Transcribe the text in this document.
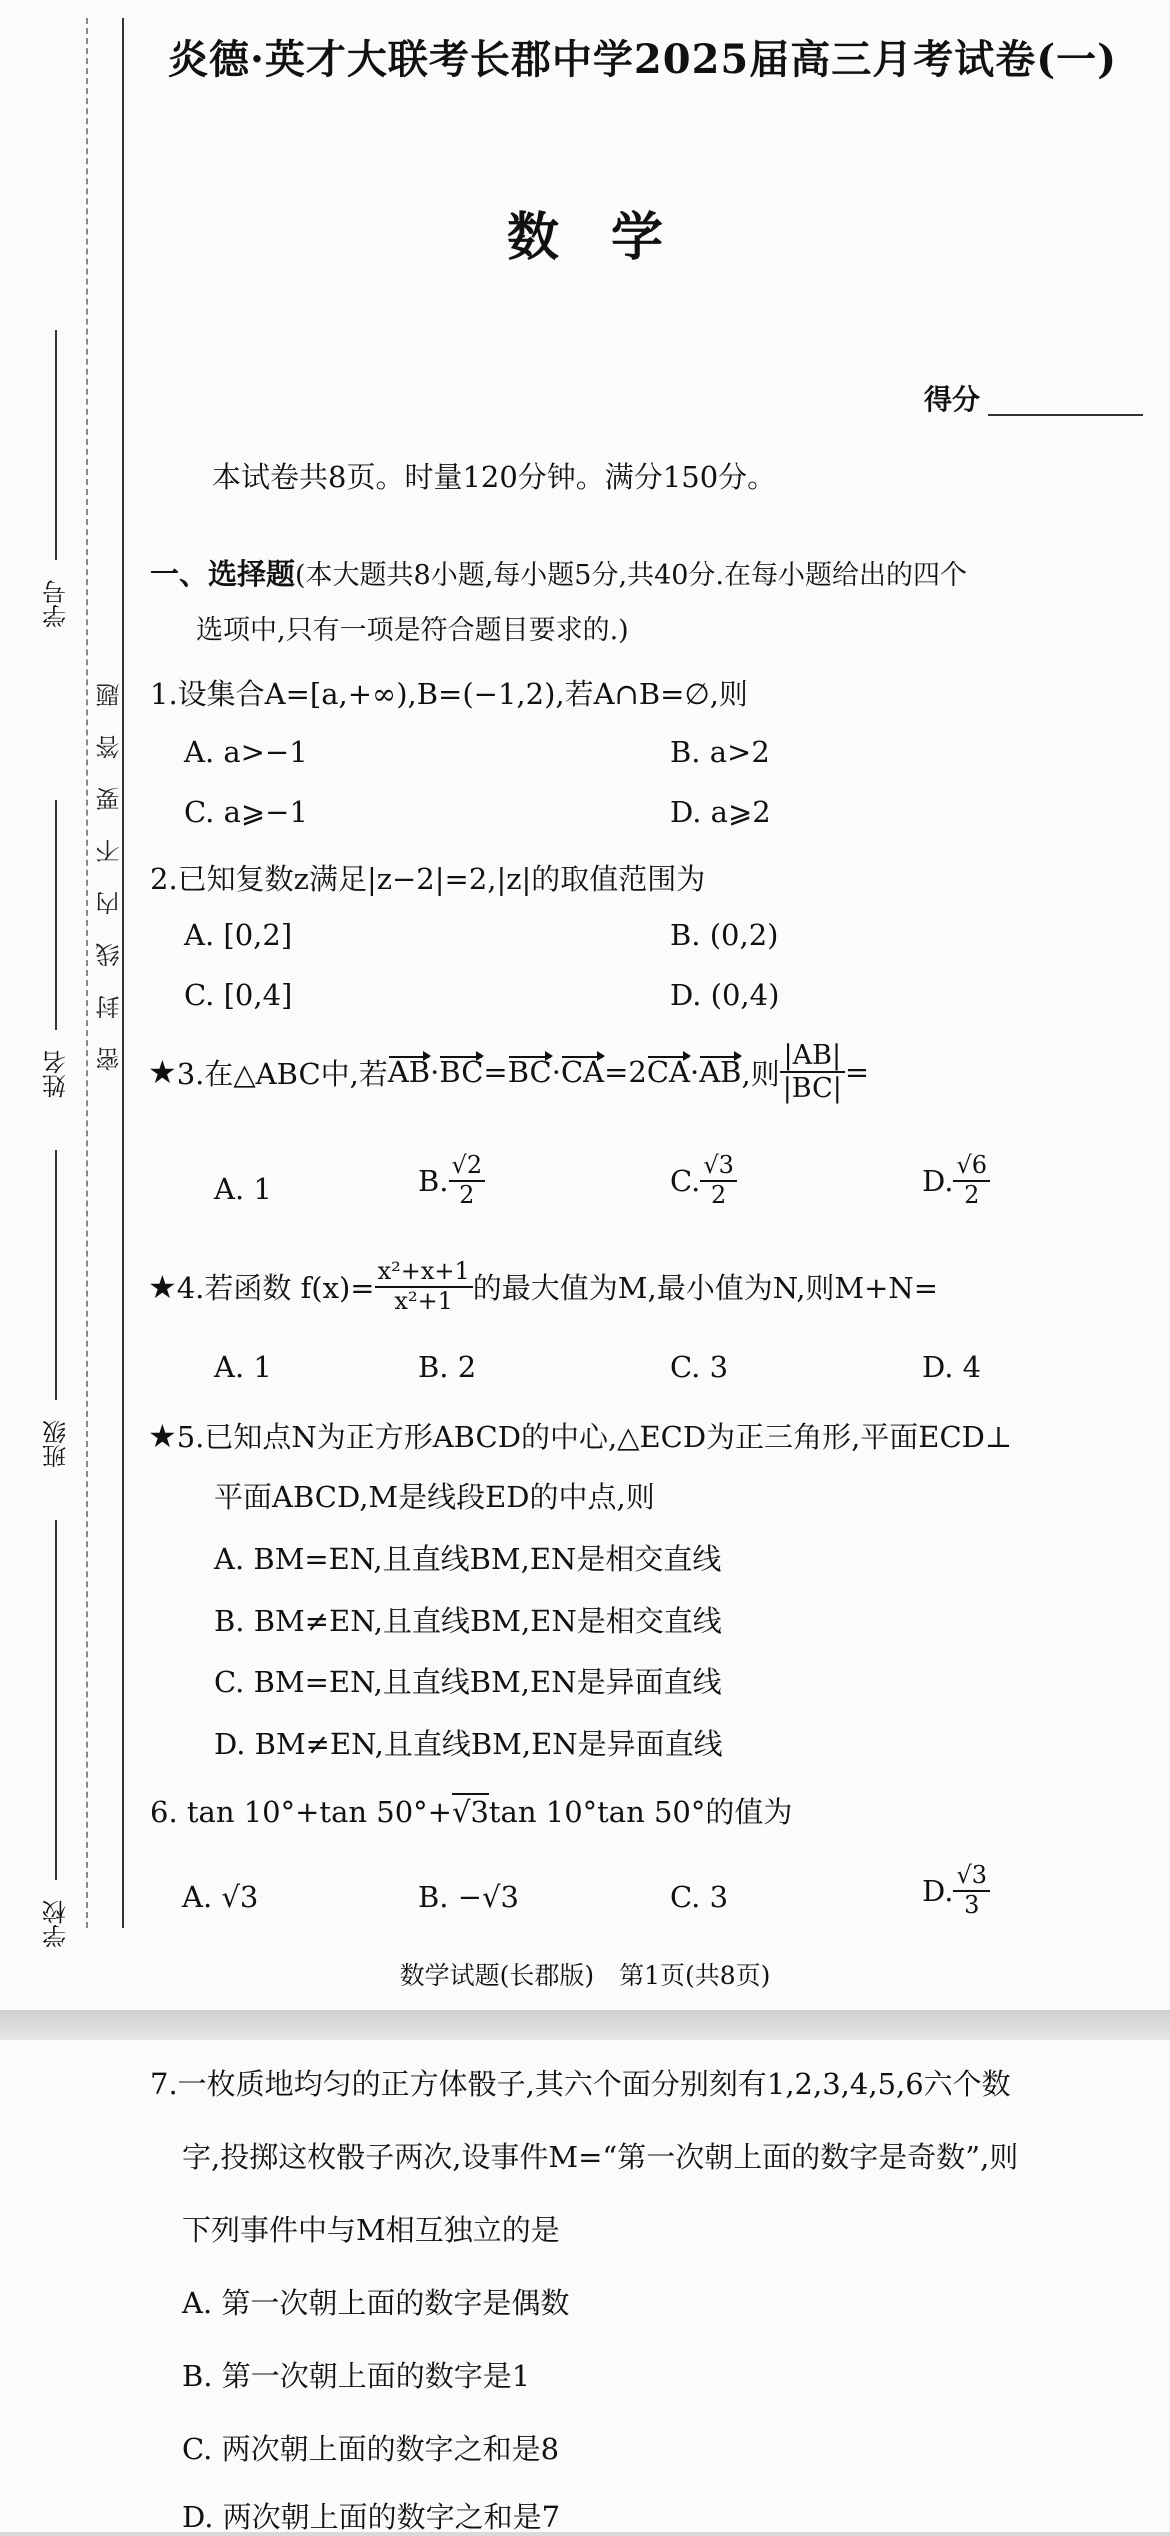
学号
姓名
班级
学校
密封线内不要答题
炎德·英才大联考长郡中学2025届高三月考试卷(一)
数　学
得分
本试卷共8页。时量120分钟。满分150分。
一、选择题(本大题共8小题,每小题5分,共40分.在每小题给出的四个
选项中,只有一项是符合题目要求的.)
1.设集合A=[a,+∞),B=(−1,2),若A∩B=∅,则
A. a>−1	B. a>2
C. a⩾−1	D. a⩾2
2.已知复数z满足|z−2|=2,|z|的取值范围为
A. [0,2]	B. (0,2)
C. [0,4]	D. (0,4)
★ 3.在△ABC中,若 AB · BC = BC · CA =2 CA · AB ,则 $\frac{|AB|}{|BC|}$ =
A. 1	B. $\frac{√2}{2}$	C. $\frac{√3}{2}$	D. $\frac{√6}{2}$
★ 4.若函数 $f(x)= \frac{\text{x²+x+1}}{\text{x²+1}}$ 的最大值为M,最小值为N,则M+N=
A. 1	B. 2	C. 3	D. 4
★5.已知点N为正方形ABCD的中心,△ECD为正三角形,平面ECD⊥
平面ABCD,M是线段ED的中点,则
A. BM=EN,且直线BM,EN是相交直线
B. BM≠EN,且直线BM,EN是相交直线
C. BM=EN,且直线BM,EN是异面直线
D. BM≠EN,且直线BM,EN是异面直线
6. tan 10°+tan 50°+√3tan 10°tan 50°的值为
A. √3	B. −√3	C. 3	D. $\frac{√3}{3}$
数学试题(长郡版)　第1页(共8页)
7.一枚质地均匀的正方体骰子,其六个面分别刻有1,2,3,4,5,6六个数
字,投掷这枚骰子两次,设事件M=“第一次朝上面的数字是奇数”,则
下列事件中与M相互独立的是
A. 第一次朝上面的数字是偶数
B. 第一次朝上面的数字是1
C. 两次朝上面的数字之和是8
D. 两次朝上面的数字之和是7
